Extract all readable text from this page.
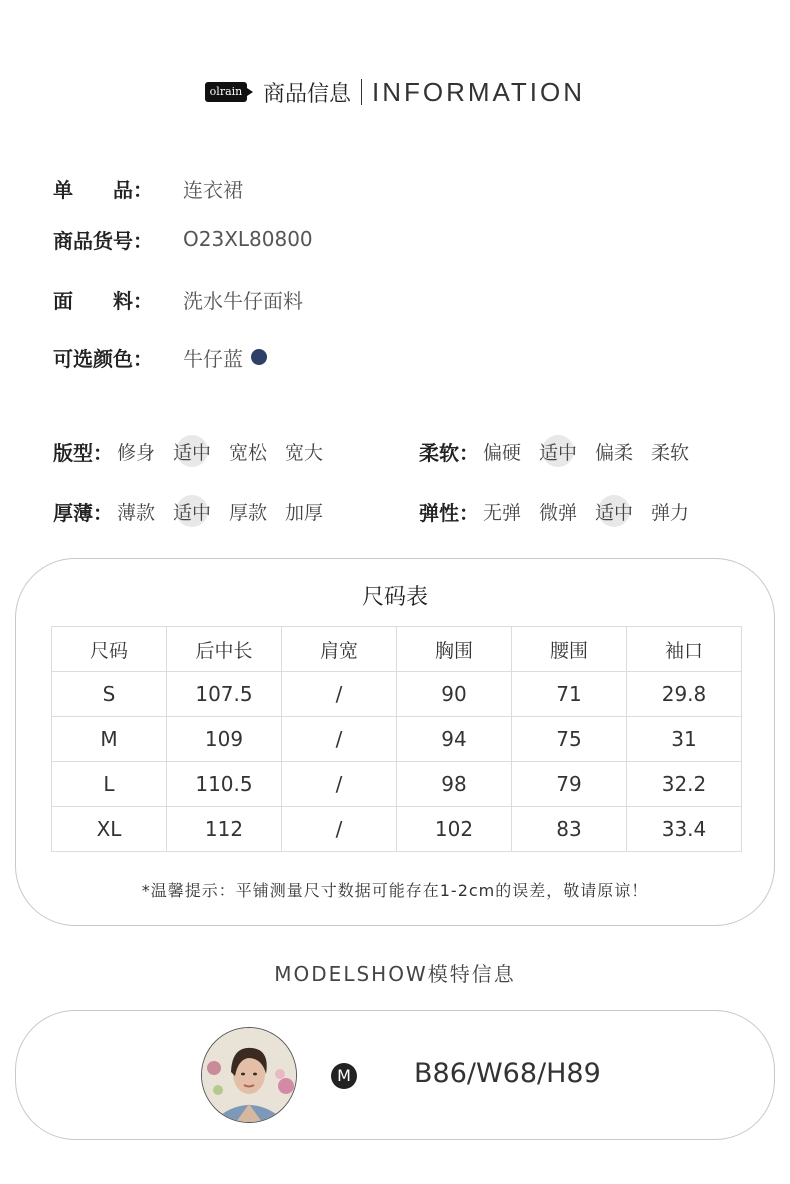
olrain 商品信息 INFORMATION
单　　品：	连衣裙
商品货号：	O23XL80800
面　　料：	洗水牛仔面料
可选颜色：	牛仔蓝
版型： 修身 适中 宽松 宽大	柔软： 偏硬 适中 偏柔 柔软
厚薄： 薄款 适中 厚款 加厚	弹性： 无弹 微弹 适中 弹力
尺码表
尺码	后中长	肩宽	胸围	腰围	袖口
S	107.5	/	90	71	29.8
M	109	/	94	75	31
L	110.5	/	98	79	32.2
XL	112	/	102	83	33.4
*温馨提示：平铺测量尺寸数据可能存在1-2cm的误差，敬请原谅！
MODELSHOW模特信息
M B86/W68/H89
